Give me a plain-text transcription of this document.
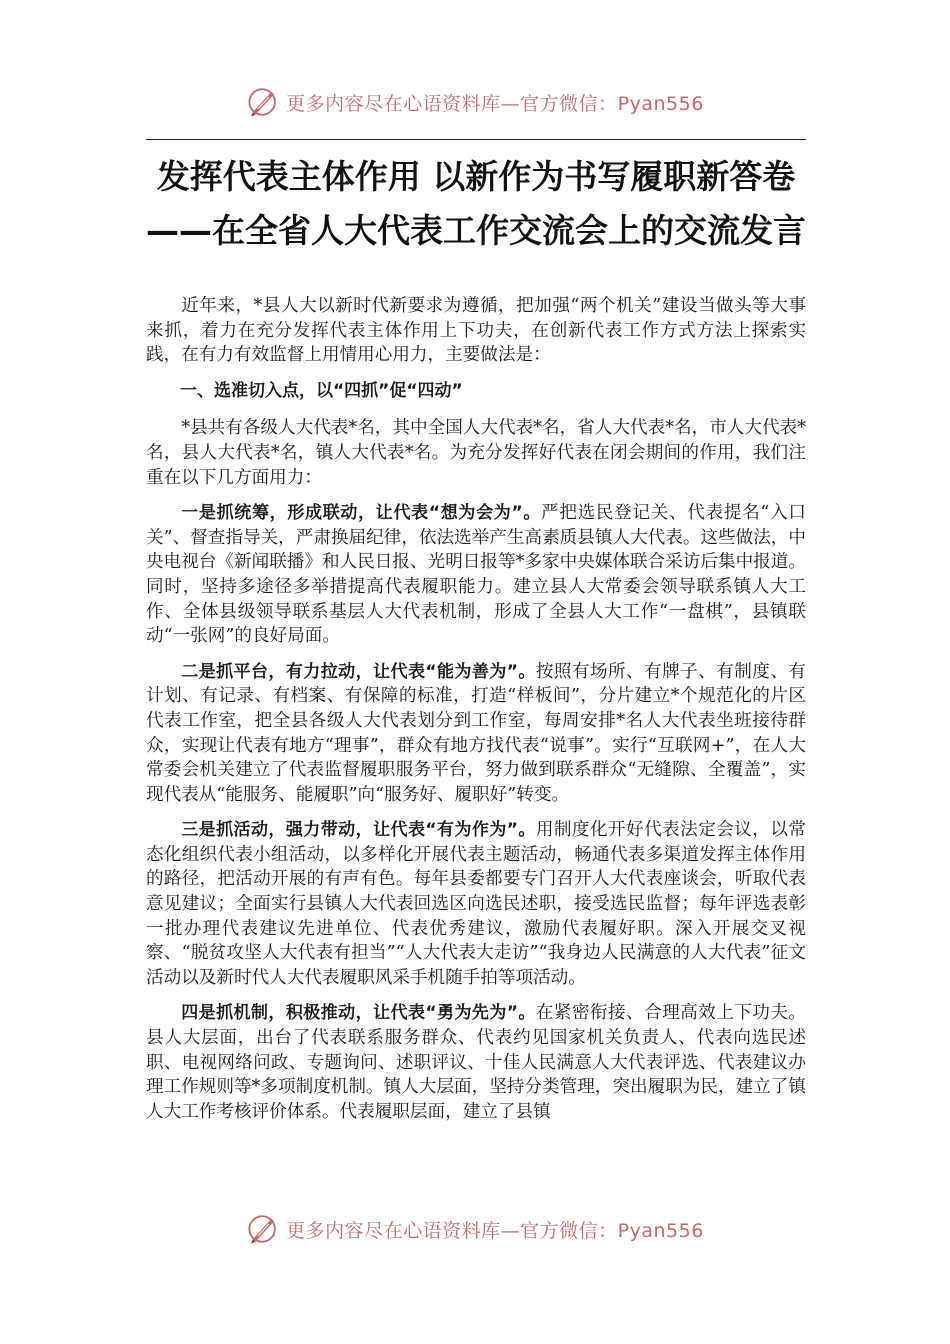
更多内容尽在心语资料库—官方微信：Pyan556
发挥代表主体作用 以新作为书写履职新答卷——在全省人大代表工作交流会上的交流发言

近年来，*县人大以新时代新要求为遵循，把加强“两个机关”建设当做头等大事来抓，着力在充分发挥代表主体作用上下功夫，在创新代表工作方式方法上探索实践，在有力有效监督上用情用心用力，主要做法是：

一、选准切入点，以“四抓”促“四动”

*县共有各级人大代表*名，其中全国人大代表*名，省人大代表*名，市人大代表*名，县人大代表*名，镇人大代表*名。为充分发挥好代表在闭会期间的作用，我们注重在以下几方面用力：

一是抓统筹，形成联动，让代表“想为会为”。严把选民登记关、代表提名“入口关”、督查指导关，严肃换届纪律，依法选举产生高素质县镇人大代表。这些做法，中央电视台《新闻联播》和人民日报、光明日报等*多家中央媒体联合采访后集中报道。同时，坚持多途径多举措提高代表履职能力。建立县人大常委会领导联系镇人大工作、全体县级领导联系基层人大代表机制，形成了全县人大工作“一盘棋”，县镇联动“一张网”的良好局面。

二是抓平台，有力拉动，让代表“能为善为”。按照有场所、有牌子、有制度、有计划、有记录、有档案、有保障的标准，打造“样板间”，分片建立*个规范化的片区代表工作室，把全县各级人大代表划分到工作室，每周安排*名人大代表坐班接待群众，实现让代表有地方“理事”，群众有地方找代表“说事”。实行“互联网+”，在人大常委会机关建立了代表监督履职服务平台，努力做到联系群众“无缝隙、全覆盖”，实现代表从“能服务、能履职”向“服务好、履职好”转变。

三是抓活动，强力带动，让代表“有为作为”。用制度化开好代表法定会议，以常态化组织代表小组活动，以多样化开展代表主题活动，畅通代表多渠道发挥主体作用的路径，把活动开展的有声有色。每年县委都要专门召开人大代表座谈会，听取代表意见建议；全面实行县镇人大代表回选区向选民述职，接受选民监督；每年评选表彰一批办理代表建议先进单位、代表优秀建议，激励代表履好职。深入开展交叉视察、“脱贫攻坚人大代表有担当”“人大代表大走访”“我身边人民满意的人大代表”征文活动以及新时代人大代表履职风采手机随手拍等项活动。

四是抓机制，积极推动，让代表“勇为先为”。在紧密衔接、合理高效上下功夫。县人大层面，出台了代表联系服务群众、代表约见国家机关负责人、代表向选民述职、电视网络问政、专题询问、述职评议、十佳人民满意人大代表评选、代表建议办理工作规则等*多项制度机制。镇人大层面，坚持分类管理，突出履职为民，建立了镇人大工作考核评价体系。代表履职层面，建立了县镇

更多内容尽在心语资料库—官方微信：Pyan556
